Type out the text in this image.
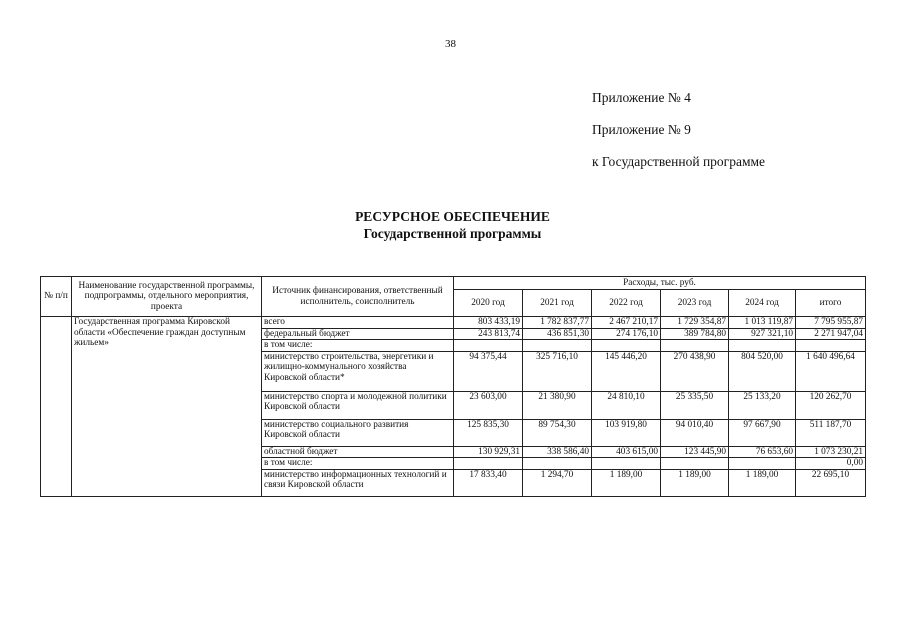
38
Приложение № 4
Приложение № 9
к Государственной программе
РЕСУРСНОЕ ОБЕСПЕЧЕНИЕ
Государственной программы
№ п/п	Наименование государственной программы, подпрограммы, отдельного мероприятия, проекта	Источник финансирования, ответственный исполнитель, соисполнитель	Расходы, тыс. руб.					
			2020 год	2021 год	2022 год	2023 год	2024 год	итого
	Государственная программа Кировской области «Обеспечение граждан доступным жильем»	всего	803 433,19	1 782 837,77	2 467 210,17	1 729 354,87	1 013 119,87	7 795 955,87
		федеральный бюджет	243 813,74	436 851,30	274 176,10	389 784,80	927 321,10	2 271 947,04
		в том числе:						
		министерство строительства, энергетики и жилищно-коммунального хозяйства Кировской области*	94 375,44	325 716,10	145 446,20	270 438,90	804 520,00	1 640 496,64
		министерство спорта и молодежной политики Кировской области	23 603,00	21 380,90	24 810,10	25 335,50	25 133,20	120 262,70
		министерство социального развития Кировской области	125 835,30	89 754,30	103 919,80	94 010,40	97 667,90	511 187,70
		областной бюджет	130 929,31	338 586,40	403 615,00	123 445,90	76 653,60	1 073 230,21
		в том числе:						0,00
		министерство информационных технологий и связи Кировской области	17 833,40	1 294,70	1 189,00	1 189,00	1 189,00	22 695,10
